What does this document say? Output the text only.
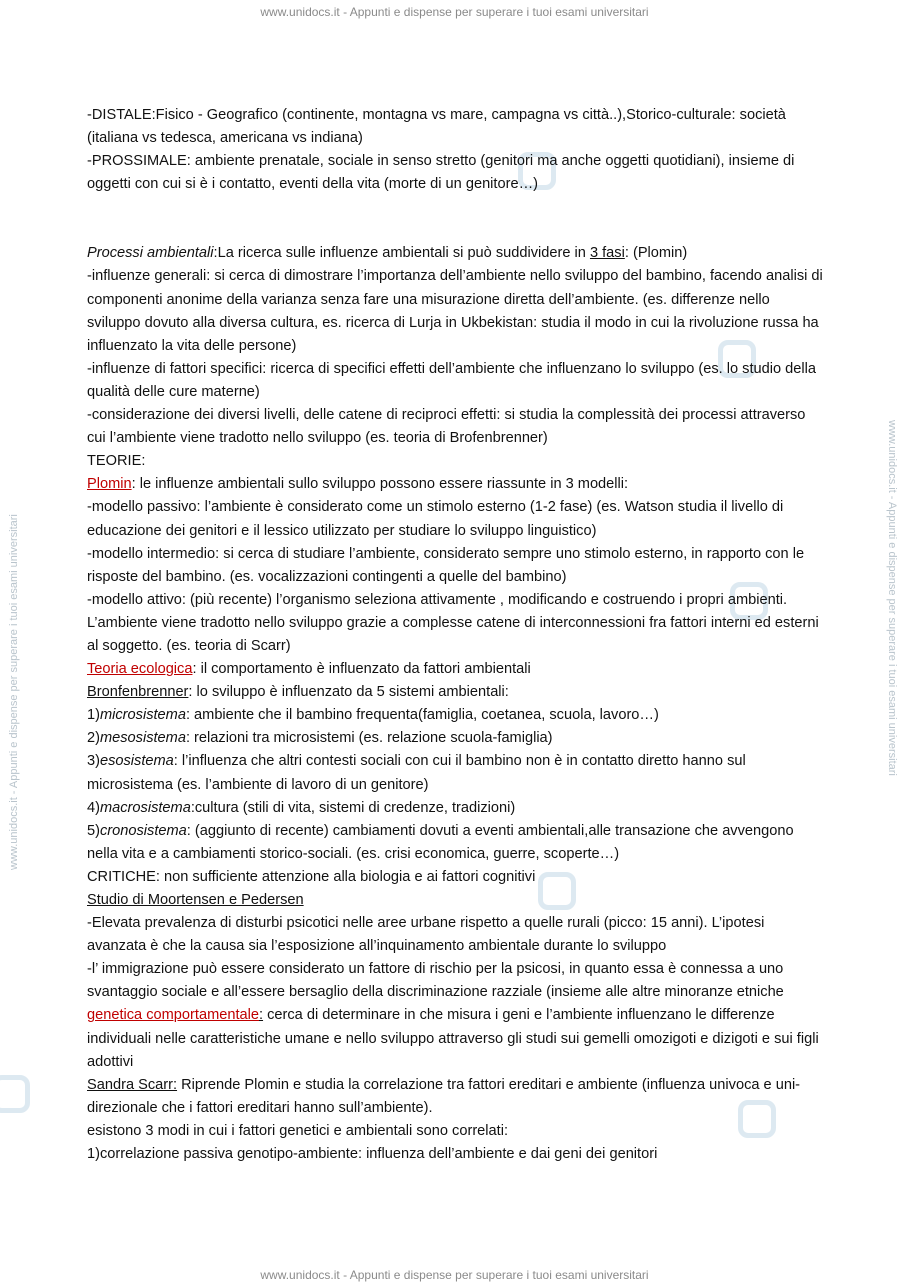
www.unidocs.it - Appunti e dispense per superare i tuoi esami universitari
www.unidocs.it - Appunti e dispense per superare i tuoi esami universitari
www.unidocs.it - Appunti e dispense per superare i tuoi esami universitari	www.unidocs.it - Appunti e dispense per superare i tuoi esami universitari

-DISTALE:Fisico - Geografico (continente, montagna vs mare, campagna vs città..),Storico-culturale: società (italiana vs tedesca, americana vs indiana)

-PROSSIMALE: ambiente prenatale, sociale in senso stretto (genitori ma anche oggetti quotidiani), insieme di oggetti con cui si è i contatto, eventi della vita (morte di un genitore…)

Processi ambientali:La ricerca sulle influenze ambientali si può suddividere in 3 fasi: (Plomin)

-influenze generali: si cerca di dimostrare l’importanza dell’ambiente nello sviluppo del bambino, facendo analisi di componenti anonime della varianza senza fare una misurazione diretta dell’ambiente. (es. differenze nello sviluppo dovuto alla diversa cultura, es. ricerca di Lurja in Ukbekistan: studia il modo in cui la rivoluzione russa ha influenzato la vita delle persone)

-influenze di fattori specifici: ricerca di specifici effetti dell’ambiente che influenzano lo sviluppo (es. lo studio della qualità delle cure materne)

-considerazione dei diversi livelli, delle catene di reciproci effetti: si studia la complessità dei processi attraverso cui l’ambiente viene tradotto nello sviluppo (es. teoria di Brofenbrenner)

TEORIE:

Plomin: le influenze ambientali sullo sviluppo possono essere riassunte in 3 modelli:

-modello passivo: l’ambiente è considerato come un stimolo esterno (1-2 fase) (es. Watson studia il livello di educazione dei genitori e il lessico utilizzato per studiare lo sviluppo linguistico)

-modello intermedio: si cerca di studiare l’ambiente, considerato sempre uno stimolo esterno, in rapporto con le risposte del bambino. (es. vocalizzazioni contingenti a quelle del bambino)

-modello attivo: (più recente) l’organismo seleziona attivamente , modificando e costruendo i propri ambienti. L’ambiente viene tradotto nello sviluppo grazie a complesse catene di interconnessioni fra fattori interni ed esterni al soggetto. (es. teoria di Scarr)

Teoria ecologica: il comportamento è influenzato da fattori ambientali

Bronfenbrenner: lo sviluppo è influenzato da 5 sistemi ambientali:

1)microsistema: ambiente che il bambino frequenta(famiglia, coetanea, scuola, lavoro…)

2)mesosistema: relazioni tra microsistemi (es. relazione scuola-famiglia)

3)esosistema: l’influenza che altri contesti sociali con cui il bambino non è in contatto diretto hanno sul microsistema (es. l’ambiente di lavoro di un genitore)

4)macrosistema:cultura (stili di vita, sistemi di credenze, tradizioni)

5)cronosistema: (aggiunto di recente) cambiamenti dovuti a eventi ambientali,alle transazione che avvengono nella vita e a cambiamenti storico-sociali. (es. crisi economica, guerre, scoperte…)

CRITICHE: non sufficiente attenzione alla biologia e ai fattori cognitivi

Studio di Moortensen e Pedersen

-Elevata prevalenza di disturbi psicotici nelle aree urbane rispetto a quelle rurali (picco: 15 anni). L’ipotesi avanzata è che la causa sia l’esposizione all’inquinamento ambientale durante lo sviluppo

-l’ immigrazione può essere considerato un fattore di rischio per la psicosi, in quanto essa è connessa a uno svantaggio sociale e all’essere bersaglio della discriminazione razziale (insieme alle altre minoranze etniche

genetica comportamentale: cerca di determinare in che misura i geni e l’ambiente influenzano le differenze individuali nelle caratteristiche umane e nello sviluppo attraverso gli studi sui gemelli omozigoti e dizigoti e sui figli adottivi

Sandra Scarr: Riprende Plomin e studia la correlazione tra fattori ereditari e ambiente (influenza univoca e uni-direzionale che i fattori ereditari hanno sull’ambiente).

esistono 3 modi in cui i fattori genetici e ambientali sono correlati:

1)correlazione passiva genotipo-ambiente: influenza dell’ambiente e dai geni dei genitori
